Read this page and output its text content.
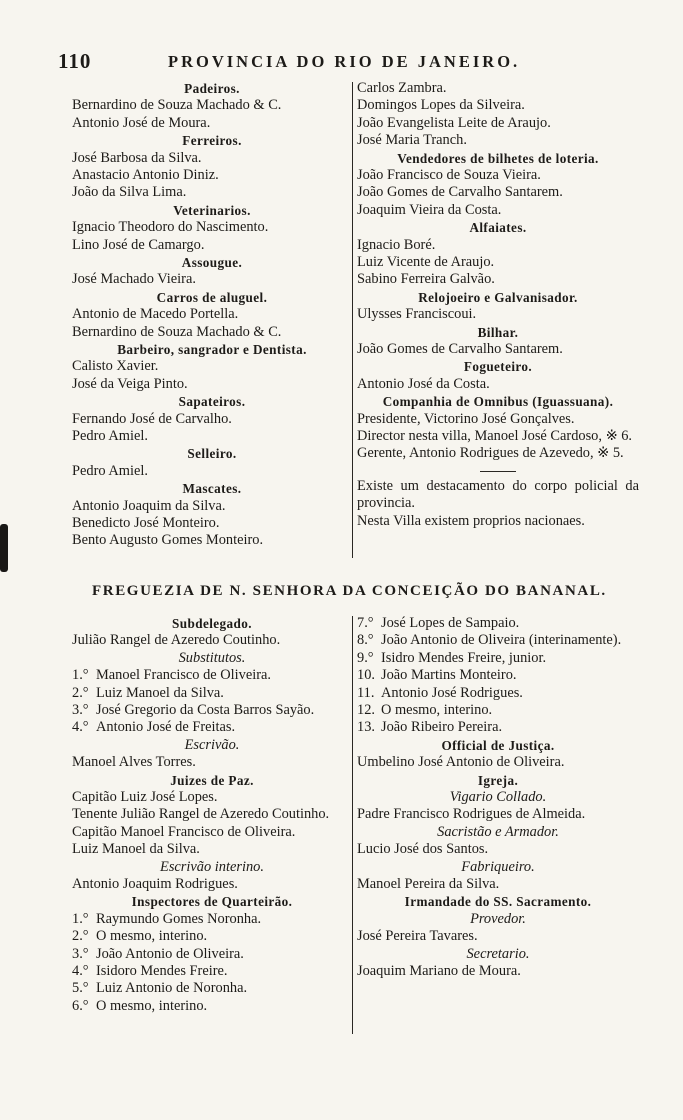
110	PROVINCIA DO RIO DE JANEIRO.
Padeiros.
Bernardino de Souza Machado & C.
Antonio José de Moura.
Ferreiros.
José Barbosa da Silva.
Anastacio Antonio Diniz.
João da Silva Lima.
Veterinarios.
Ignacio Theodoro do Nascimento.
Lino José de Camargo.
Assougue.
José Machado Vieira.
Carros de aluguel.
Antonio de Macedo Portella.
Bernardino de Souza Machado & C.
Barbeiro, sangrador e Dentista.
Calisto Xavier.
José da Veiga Pinto.
Sapateiros.
Fernando José de Carvalho.
Pedro Amiel.
Selleiro.
Pedro Amiel.
Mascates.
Antonio Joaquim da Silva.
Benedicto José Monteiro.
Bento Augusto Gomes Monteiro.
Carlos Zambra.
Domingos Lopes da Silveira.
João Evangelista Leite de Araujo.
José Maria Tranch.
Vendedores de bilhetes de loteria.
João Francisco de Souza Vieira.
João Gomes de Carvalho Santarem.
Joaquim Vieira da Costa.
Alfaiates.
Ignacio Boré.
Luiz Vicente de Araujo.
Sabino Ferreira Galvão.
Relojoeiro e Galvanisador.
Ulysses Franciscoui.
Bilhar.
João Gomes de Carvalho Santarem.
Fogueteiro.
Antonio José da Costa.
Companhia de Omnibus (Iguassuana).
Presidente, Victorino José Gonçalves.
Director nesta villa, Manoel José Cardoso, ※ 6.
Gerente, Antonio Rodrigues de Azevedo, ※ 5.
Existe um destacamento do corpo policial da provincia.
Nesta Villa existem proprios nacionaes.
FREGUEZIA DE N. SENHORA DA CONCEIÇÃO DO BANANAL.
Subdelegado.
Julião Rangel de Azeredo Coutinho.
Substitutos.
1.° Manoel Francisco de Oliveira.
2.° Luiz Manoel da Silva.
3.° José Gregorio da Costa Barros Sayão.
4.° Antonio José de Freitas.
Escrivão.
Manoel Alves Torres.
Juizes de Paz.
Capitão Luiz José Lopes.
Tenente Julião Rangel de Azeredo Coutinho.
Capitão Manoel Francisco de Oliveira.
Luiz Manoel da Silva.
Escrivão interino.
Antonio Joaquim Rodrigues.
Inspectores de Quarteirão.
1.° Raymundo Gomes Noronha.
2.° O mesmo, interino.
3.° João Antonio de Oliveira.
4.° Isidoro Mendes Freire.
5.° Luiz Antonio de Noronha.
6.° O mesmo, interino.
7.° José Lopes de Sampaio.
8.° João Antonio de Oliveira (interinamente).
9.° Isidro Mendes Freire, junior.
10. João Martins Monteiro.
11. Antonio José Rodrigues.
12. O mesmo, interino.
13. João Ribeiro Pereira.
Official de Justiça.
Umbelino José Antonio de Oliveira.
Igreja.
Vigario Collado.
Padre Francisco Rodrigues de Almeida.
Sacristão e Armador.
Lucio José dos Santos.
Fabriqueiro.
Manoel Pereira da Silva.
Irmandade do SS. Sacramento.
Provedor.
José Pereira Tavares.
Secretario.
Joaquim Mariano de Moura.
